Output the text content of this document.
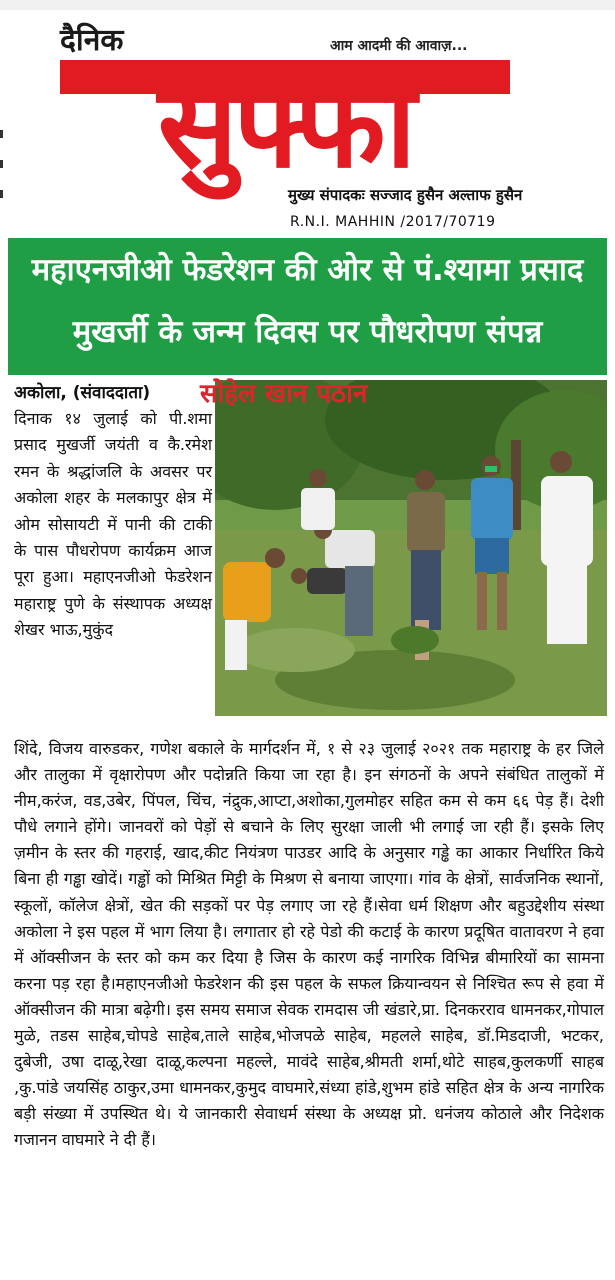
दैनिक	आम आदमी की आवाज़...
सुफ्फा
मुख्य संपादकः सज्जाद हुसैन अल्ताफ हुसैन
R.N.I. MAHHIN /2017/70719
महाएनजीओ फेडरेशन की ओर से पं.श्यामा प्रसाद
मुखर्जी के जन्म दिवस पर पौधरोपण संपन्न
अकोला, (संवाददाता) सोहेल खान पठान

दिनाक १४ जुलाई को पी.शमा प्रसाद मुखर्जी जयंती व कै.रमेश रमन के श्रद्धांजलि के अवसर पर अकोला शहर के मलकापुर क्षेत्र में ओम सोसायटी में पानी की टाकी के पास पौधरोपण कार्यक्रम आज पूरा हुआ। महाएनजीओ फेडरेशन महाराष्ट्र पुणे के संस्थापक अध्यक्ष शेखर भाऊ,मुकुंद

शिंदे, विजय वारुडकर, गणेश बकाले के मार्गदर्शन में, १ से २३ जुलाई २०२१ तक महाराष्ट्र के हर जिले और तालुका में वृक्षारोपण और पदोन्नति किया जा रहा है। इन संगठनों के अपने संबंधित तालुकों में नीम,करंज, वड,उबेर, पिंपल, चिंच, नंद्रुक,आप्टा,अशोका,गुलमोहर सहित कम से कम ६६ पेड़ हैं। देशी पौधे लगाने होंगे। जानवरों को पेड़ों से बचाने के लिए सुरक्षा जाली भी लगाई जा रही हैं। इसके लिए ज़मीन के स्तर की गहराई, खाद,कीट नियंत्रण पाउडर आदि के अनुसार गड्ढे का आकार निर्धारित किये बिना ही गड्ढा खोदें। गड्ढों को मिश्रित मिट्टी के मिश्रण से बनाया जाएगा। गांव के क्षेत्रों, सार्वजनिक स्थानों, स्कूलों, कॉलेज क्षेत्रों, खेत की सड़कों पर पेड़ लगाए जा रहे हैं।सेवा धर्म शिक्षण और बहुउद्देशीय संस्था अकोला ने इस पहल में भाग लिया है। लगातार हो रहे पेडो की कटाई के कारण प्रदूषित वातावरण ने हवा में ऑक्सीजन के स्तर को कम कर दिया है जिस के कारण कई नागरिक विभिन्न बीमारियों का सामना करना पड़ रहा है।महाएनजीओ फेडरेशन की इस पहल के सफल क्रियान्वयन से निश्चित रूप से हवा में ऑक्सीजन की मात्रा बढ़ेगी। इस समय समाज सेवक रामदास जी खंडारे,प्रा. दिनकरराव धामनकर,गोपाल मुळे, तडस साहेब,चोपडे साहेब,ताले साहेब,भोजपळे साहेब, महलले साहेब, डॉ.मिडदाजी, भटकर, दुबेजी, उषा दाळू,रेखा दाळू,कल्पना महल्ले, मावंदे साहेब,श्रीमती शर्मा,थोटे साहब,कुलकर्णी साहब ,कु.पांडे जयसिंह ठाकुर,उमा धामनकर,कुमुद वाघमारे,संध्या हांडे,शुभम हांडे सहित क्षेत्र के अन्य नागरिक बड़ी संख्या में उपस्थित थे। ये जानकारी सेवाधर्म संस्था के अध्यक्ष प्रो. धनंजय कोठाले और निदेशक गजानन वाघमारे ने दी हैं।
